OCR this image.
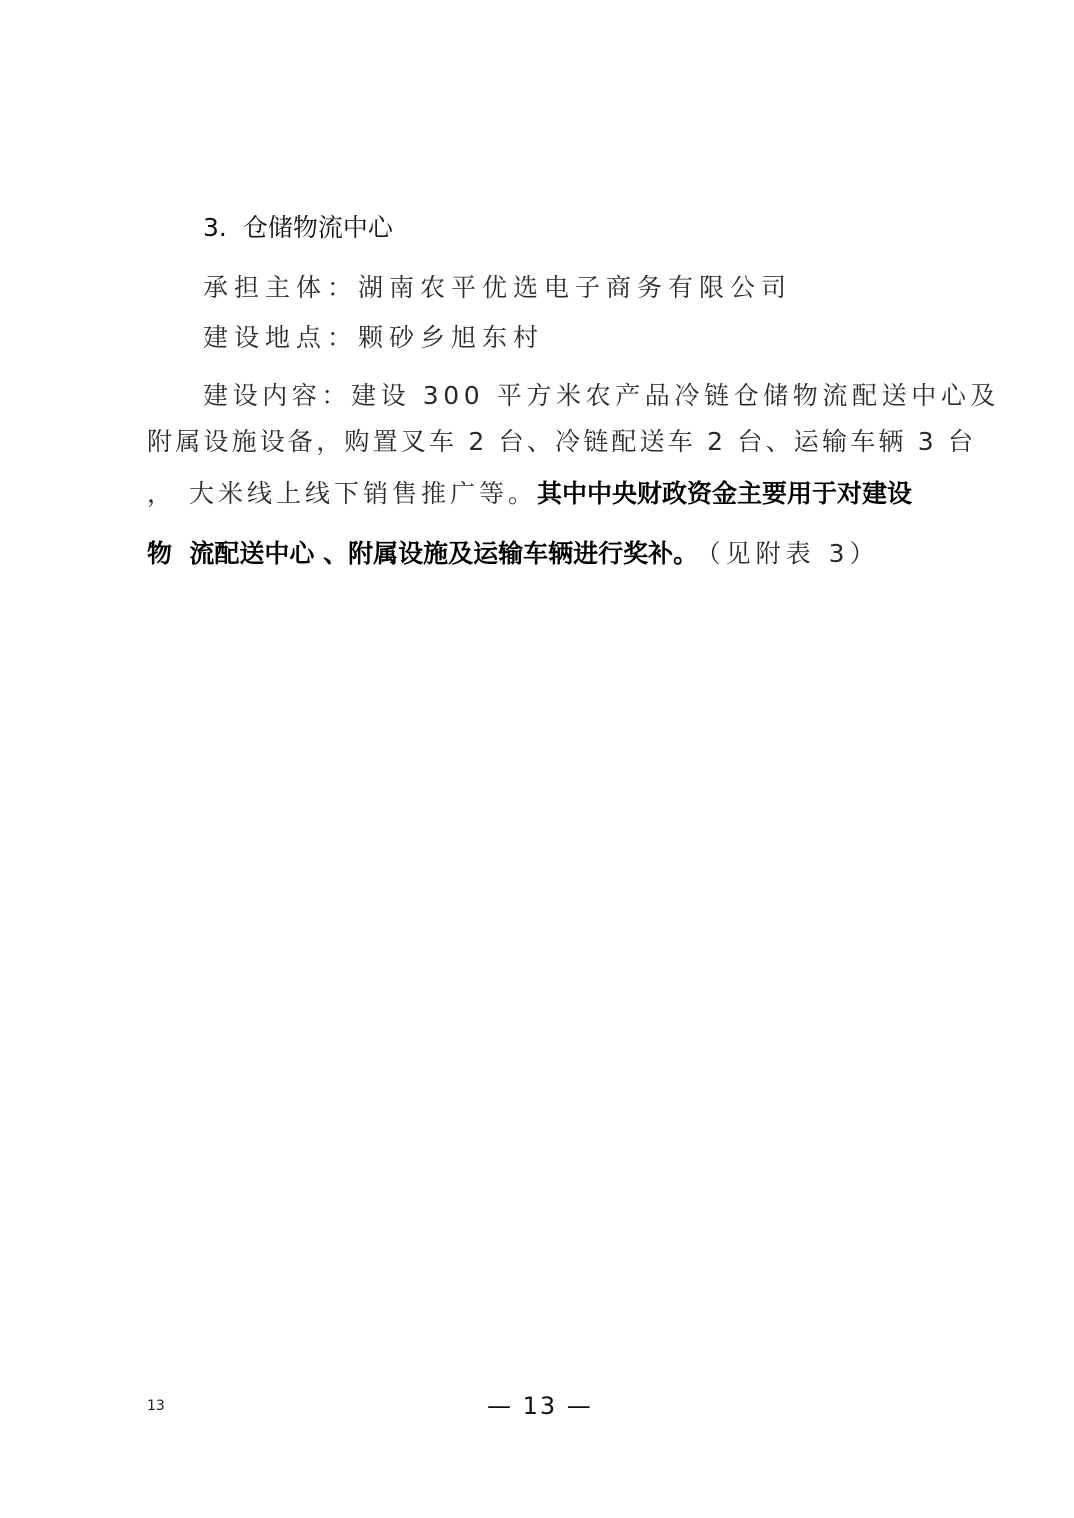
3. 仓储物流中心
承担主体：湖南农平优选电子商务有限公司
建设地点：颗砂乡旭东村
建设内容：建设 300 平方米农产品冷链仓储物流配送中心及
附属设施设备，购置叉车 2 台、冷链配送车 2 台、运输车辆 3 台
， 大米线上线下销售推广等。其中中央财政资金主要用于对建设
物  流配送中心 、附属设施及运输车辆进行奖补。 （见附表 3）
13	— 13 —
